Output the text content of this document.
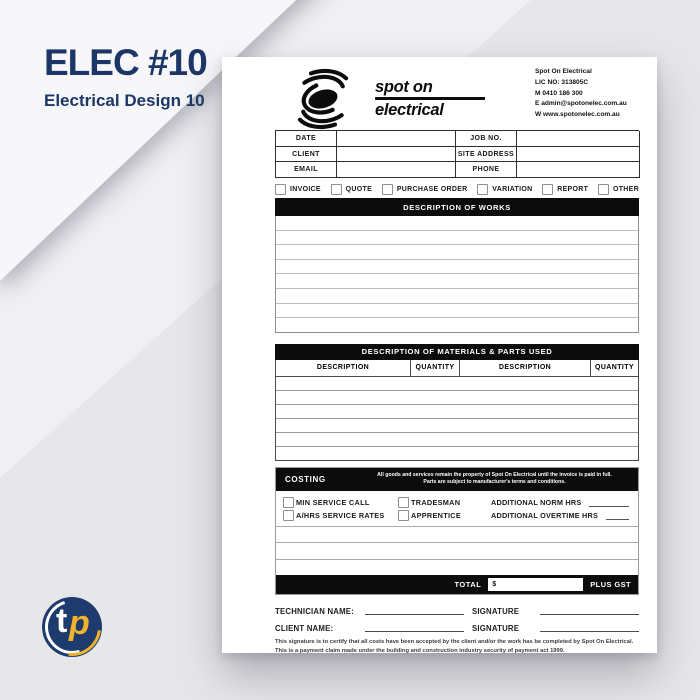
ELEC #10
Electrical Design 10
t p
spot on
electrical
Spot On Electrical
LIC NO: 313805C
M 0410 186 300
E admin@spotonelec.com.au
W www.spotonelec.com.au
DATE	JOB NO.
CLIENT	SITE ADDRESS
EMAIL	PHONE
INVOICE	QUOTE	PURCHASE ORDER	VARIATION	REPORT	OTHER
DESCRIPTION OF WORKS
DESCRIPTION OF MATERIALS & PARTS USED
DESCRIPTION	QUANTITY	DESCRIPTION	QUANTITY
COSTING
All goods and services remain the property of Spot On Electrical until the invoice is paid in full.
Parts are subject to manufacturer's terms and conditions.
MIN SERVICE CALL	TRADESMAN	ADDITIONAL NORM HRS
A/HRS SERVICE RATES	APPRENTICE	ADDITIONAL OVERTIME HRS
TOTAL $	PLUS GST
TECHNICIAN NAME:	SIGNATURE
CLIENT NAME:	SIGNATURE
This signature is to certify that all costs have been accepted by the client and/or the work has be completed by Spot On Electrical.
This is a payment claim made under the building and construction industry security of payment act 1999.
